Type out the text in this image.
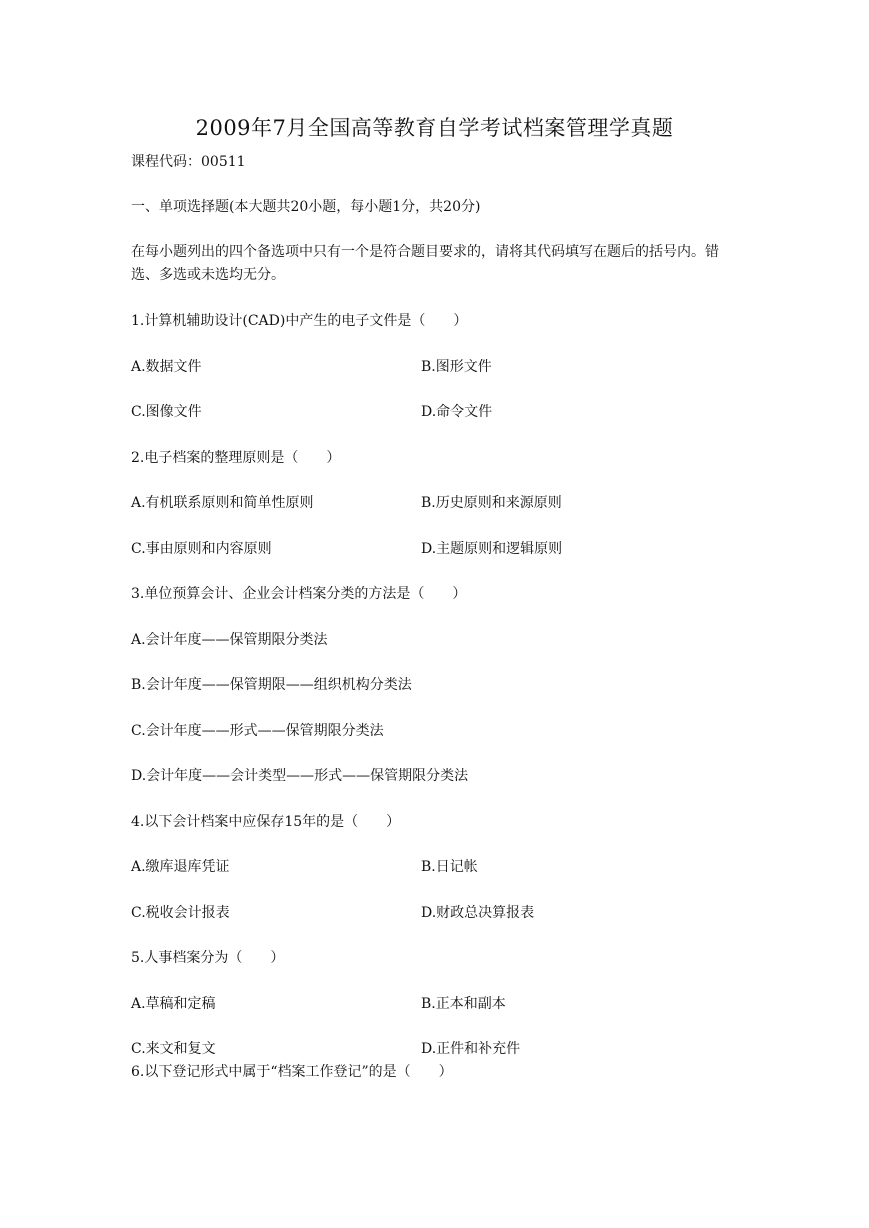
2009年7月全国高等教育自学考试档案管理学真题
课程代码：00511
一、单项选择题(本大题共20小题，每小题1分，共20分)
在每小题列出的四个备选项中只有一个是符合题目要求的，请将其代码填写在题后的括号内。错选、多选或未选均无分。
1.计算机辅助设计(CAD)中产生的电子文件是（　　）
A.数据文件	B.图形文件
C.图像文件	D.命令文件
2.电子档案的整理原则是（　　）
A.有机联系原则和简单性原则	B.历史原则和来源原则
C.事由原则和内容原则	D.主题原则和逻辑原则
3.单位预算会计、企业会计档案分类的方法是（　　）
A.会计年度——保管期限分类法
B.会计年度——保管期限——组织机构分类法
C.会计年度——形式——保管期限分类法
D.会计年度——会计类型——形式——保管期限分类法
4.以下会计档案中应保存15年的是（　　）
A.缴库退库凭证	B.日记帐
C.税收会计报表	D.财政总决算报表
5.人事档案分为（　　）
A.草稿和定稿	B.正本和副本
C.来文和复文	D.正件和补充件
6.以下登记形式中属于“档案工作登记”的是（　　）
